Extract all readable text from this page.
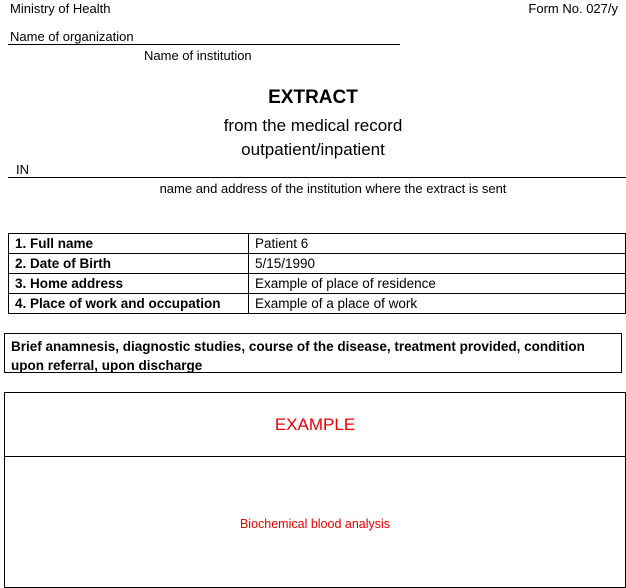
Ministry of Health	Form No. 027/y
Name of organization
Name of institution
EXTRACT
from the medical record
outpatient/inpatient
IN
name and address of the institution where the extract is sent
1. Full name	Patient 6
2. Date of Birth	5/15/1990
3. Home address	Example of place of residence
4. Place of work and occupation	Example of a place of work
Brief anamnesis, diagnostic studies, course of the disease, treatment provided, condition upon referral, upon discharge
EXAMPLE
Biochemical blood analysis
